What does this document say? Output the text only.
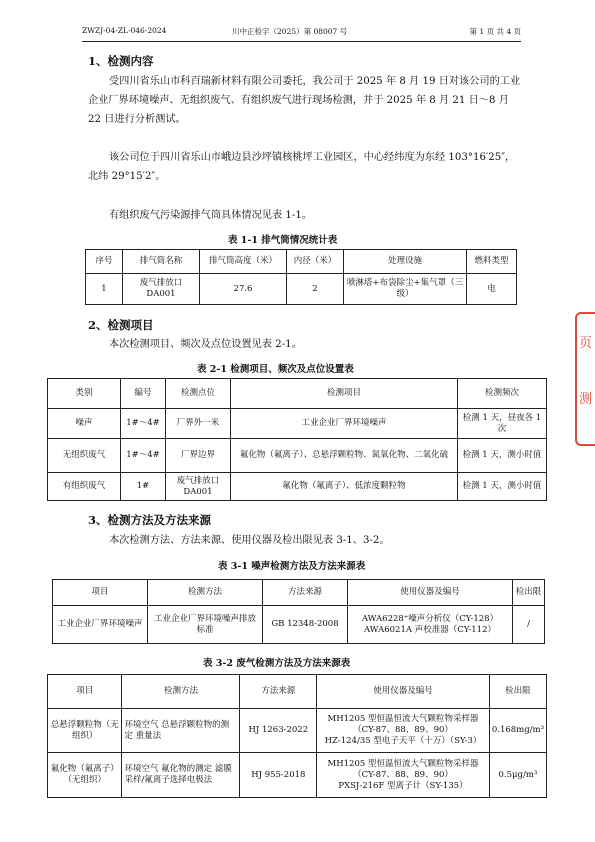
ZWZJ-04-ZL-046-2024	川中正检字（2025）第 08007 号	第 1 页 共 4 页
1、检测内容

受四川省乐山市科百瑞新材料有限公司委托，我公司于 2025 年 8 月 19 日对该公司的工业企业厂界环境噪声、无组织废气、有组织废气进行现场检测，并于 2025 年 8 月 21 日～8 月 22 日进行分析测试。

该公司位于四川省乐山市峨边县沙坪镇核桃坪工业园区，中心经纬度为东经 103°16′25″，北纬 29°15′2″。

有组织废气污染源排气筒具体情况见表 1-1。

表 1-1 排气筒情况统计表
序号	排气筒名称	排气筒高度（米）	内径（米）	处理设施	燃料类型
1	废气排放口 DA001	27.6	2	喷淋塔+布袋除尘+集气罩（三级）	电
2、检测项目

本次检测项目、频次及点位设置见表 2-1。

表 2-1 检测项目、频次及点位设置表
类别	编号	检测点位	检测项目	检测频次
噪声	1#～4#	厂界外一米	工业企业厂界环境噪声	检测 1 天，昼夜各 1 次
无组织废气	1#～4#	厂界边界	氟化物（氟离子）、总悬浮颗粒物、氮氧化物、二氧化硫	检测 1 天，测小时值
有组织废气	1#	废气排放口 DA001	氟化物（氟离子）、低浓度颗粒物	检测 1 天，测小时值
3、检测方法及方法来源

本次检测方法、方法来源、使用仪器及检出限见表 3-1、3-2。

表 3-1 噪声检测方法及方法来源表
项目	检测方法	方法来源	使用仪器及编号	检出限
工业企业厂界环境噪声	工业企业厂界环境噪声排放标准	GB 12348-2008	AWA6228⁺噪声分析仪（CY-128）
AWA6021A 声校准器（CY-112）	/
表 3-2 废气检测方法及方法来源表
项目	检测方法	方法来源	使用仪器及编号	检出限
总悬浮颗粒物（无组织）	环境空气 总悬浮颗粒物的测定 重量法	HJ 1263-2022	MH1205 型恒温恒流大气颗粒物采样器（CY-87、88、89、90）
HZ-124/35 型电子天平（十万）（SY-3）	0.168mg/m³
氟化物（氟离子）（无组织）	环境空气 氟化物的测定 滤膜采样/氟离子选择电极法	HJ 955-2018	MH1205 型恒温恒流大气颗粒物采样器（CY-87、88、89、90）
PXSJ-216F 型离子计（SY-135）	0.5μg/m³
页
测
